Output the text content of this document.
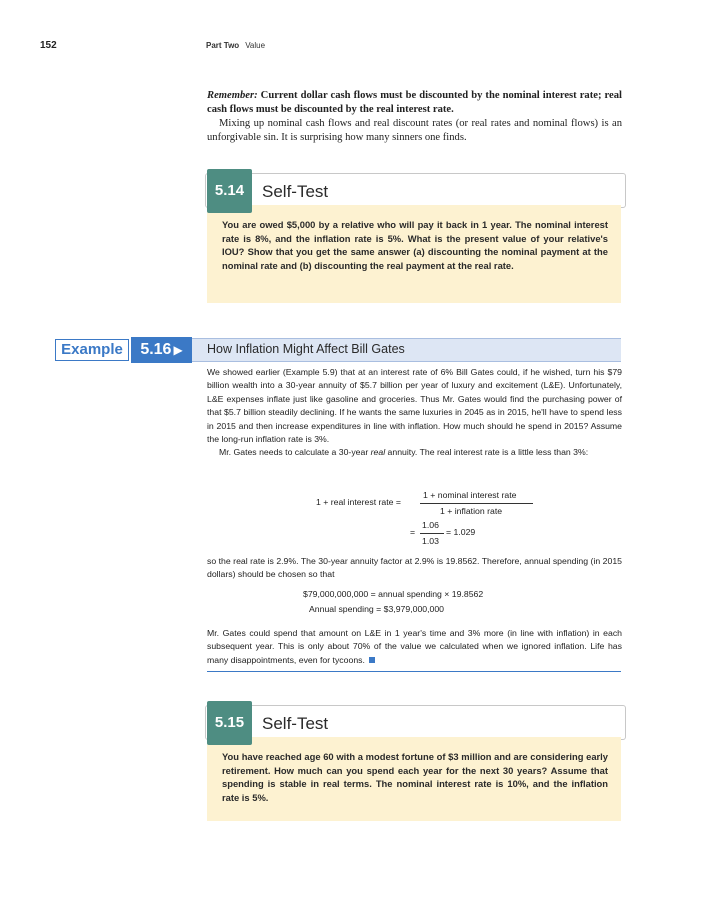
152	Part Two Value

Remember: Current dollar cash flows must be discounted by the nominal interest rate; real cash flows must be discounted by the real interest rate.

Mixing up nominal cash flows and real discount rates (or real rates and nominal flows) is an unforgivable sin. It is surprising how many sinners one finds.

5.14	Self-Test

You are owed $5,000 by a relative who will pay it back in 1 year. The nominal interest rate is 8%, and the inflation rate is 5%. What is the present value of your relative's IOU? Show that you get the same answer (a) discounting the nominal payment at the nominal rate and (b) discounting the real payment at the real rate.

Example	5.16 ▶	How Inflation Might Affect Bill Gates

We showed earlier (Example 5.9) that at an interest rate of 6% Bill Gates could, if he wished, turn his $79 billion wealth into a 30-year annuity of $5.7 billion per year of luxury and excitement (L&E). Unfortunately, L&E expenses inflate just like gasoline and groceries. Thus Mr. Gates would find the purchasing power of that $5.7 billion steadily declining. If he wants the same luxuries in 2045 as in 2015, he'll have to spend less in 2015 and then increase expenditures in line with inflation. How much should he spend in 2015? Assume the long-run inflation rate is 3%.

Mr. Gates needs to calculate a 30-year real annuity. The real interest rate is a little less than 3%:

1 + real interest rate =
1 + nominal interest rate
1 + inflation rate
=
1.06
1.03
= 1.029

so the real rate is 2.9%. The 30-year annuity factor at 2.9% is 19.8562. Therefore, annual spending (in 2015 dollars) should be chosen so that

$79,000,000,000 = annual spending × 19.8562
Annual spending = $3,979,000,000

Mr. Gates could spend that amount on L&E in 1 year's time and 3% more (in line with inflation) in each subsequent year. This is only about 70% of the value we calculated when we ignored inflation. Life has many disappointments, even for tycoons.

5.15	Self-Test

You have reached age 60 with a modest fortune of $3 million and are considering early retirement. How much can you spend each year for the next 30 years? Assume that spending is stable in real terms. The nominal interest rate is 10%, and the inflation rate is 5%.
